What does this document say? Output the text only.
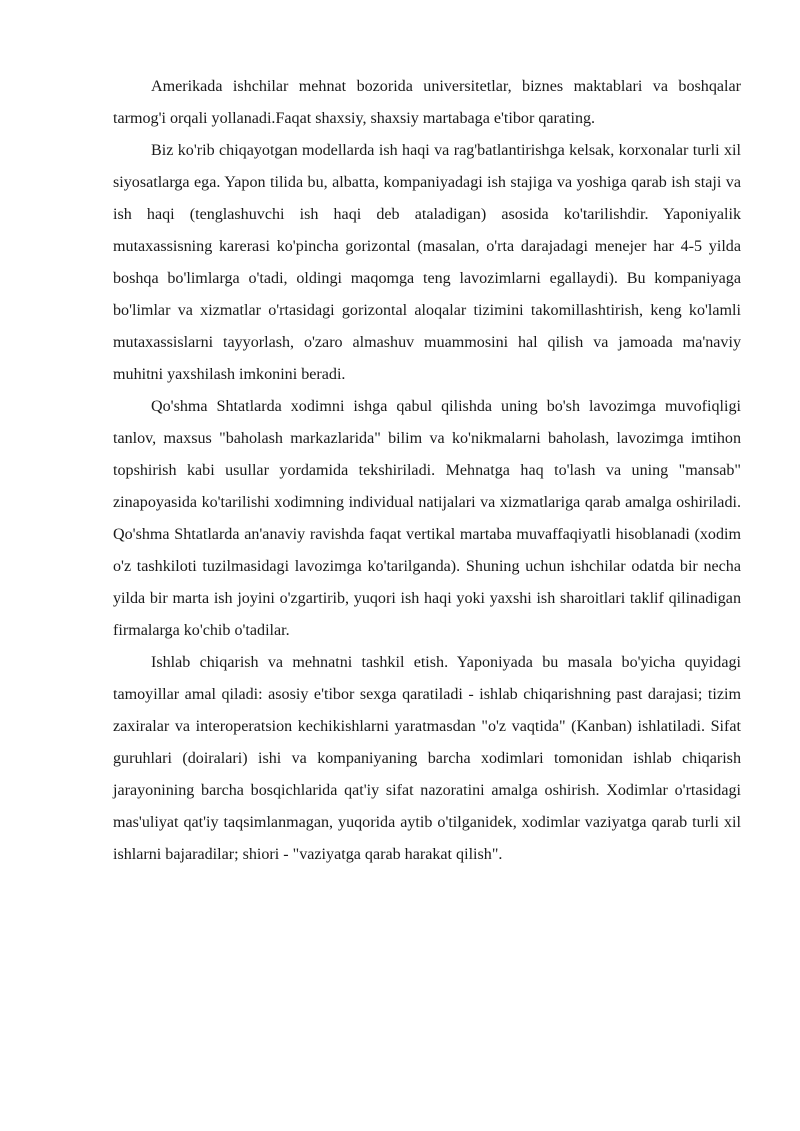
Amerikada ishchilar mehnat bozorida universitetlar, biznes maktablari va boshqalar tarmog'i orqali yollanadi.Faqat shaxsiy, shaxsiy martabaga e'tibor qarating.

Biz ko'rib chiqayotgan modellarda ish haqi va rag'batlantirishga kelsak, korxonalar turli xil siyosatlarga ega. Yapon tilida bu, albatta, kompaniyadagi ish stajiga va yoshiga qarab ish staji va ish haqi (tenglashuvchi ish haqi deb ataladigan) asosida ko'tarilishdir. Yaponiyalik mutaxassisning karerasi ko'pincha gorizontal (masalan, o'rta darajadagi menejer har 4-5 yilda boshqa bo'limlarga o'tadi, oldingi maqomga teng lavozimlarni egallaydi). Bu kompaniyaga bo'limlar va xizmatlar o'rtasidagi gorizontal aloqalar tizimini takomillashtirish, keng ko'lamli mutaxassislarni tayyorlash, o'zaro almashuv muammosini hal qilish va jamoada ma'naviy muhitni yaxshilash imkonini beradi.

Qo'shma Shtatlarda xodimni ishga qabul qilishda uning bo'sh lavozimga muvofiqligi tanlov, maxsus "baholash markazlarida" bilim va ko'nikmalarni baholash, lavozimga imtihon topshirish kabi usullar yordamida tekshiriladi. Mehnatga haq to'lash va uning "mansab" zinapoyasida ko'tarilishi xodimning individual natijalari va xizmatlariga qarab amalga oshiriladi. Qo'shma Shtatlarda an'anaviy ravishda faqat vertikal martaba muvaffaqiyatli hisoblanadi (xodim o'z tashkiloti tuzilmasidagi lavozimga ko'tarilganda). Shuning uchun ishchilar odatda bir necha yilda bir marta ish joyini o'zgartirib, yuqori ish haqi yoki yaxshi ish sharoitlari taklif qilinadigan firmalarga ko'chib o'tadilar.

Ishlab chiqarish va mehnatni tashkil etish. Yaponiyada bu masala bo'yicha quyidagi tamoyillar amal qiladi: asosiy e'tibor sexga qaratiladi - ishlab chiqarishning past darajasi; tizim zaxiralar va interoperatsion kechikishlarni yaratmasdan "o'z vaqtida" (Kanban) ishlatiladi. Sifat guruhlari (doiralari) ishi va kompaniyaning barcha xodimlari tomonidan ishlab chiqarish jarayonining barcha bosqichlarida qat'iy sifat nazoratini amalga oshirish. Xodimlar o'rtasidagi mas'uliyat qat'iy taqsimlanmagan, yuqorida aytib o'tilganidek, xodimlar vaziyatga qarab turli xil ishlarni bajaradilar; shiori - "vaziyatga qarab harakat qilish".
